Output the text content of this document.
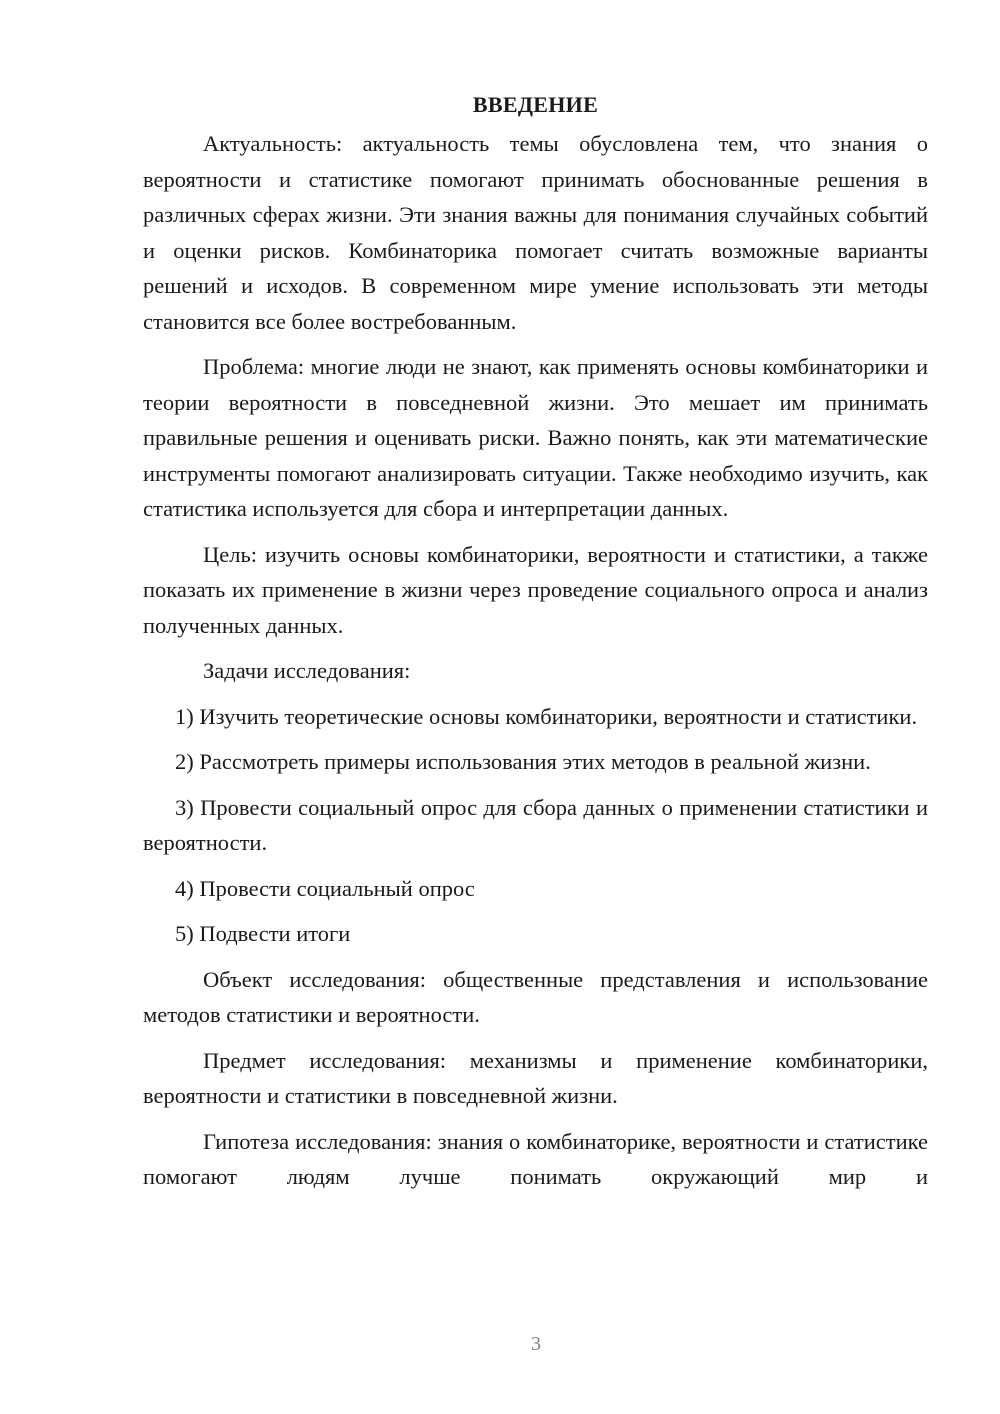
ВВЕДЕНИЕ

Актуальность: актуальность темы обусловлена тем, что знания о вероятности и статистике помогают принимать обоснованные решения в различных сферах жизни. Эти знания важны для понимания случайных событий и оценки рисков. Комбинаторика помогает считать возможные варианты решений и исходов. В современном мире умение использовать эти методы становится все более востребованным.

Проблема: многие люди не знают, как применять основы комбинаторики и теории вероятности в повседневной жизни. Это мешает им принимать правильные решения и оценивать риски. Важно понять, как эти математические инструменты помогают анализировать ситуации. Также необходимо изучить, как статистика используется для сбора и интерпретации данных.

Цель: изучить основы комбинаторики, вероятности и статистики, а также показать их применение в жизни через проведение социального опроса и анализ полученных данных.

Задачи исследования:

1) Изучить теоретические основы комбинаторики, вероятности и статистики.

2) Рассмотреть примеры использования этих методов в реальной жизни.

3) Провести социальный опрос для сбора данных о применении статистики и вероятности.

4) Провести социальный опрос

5) Подвести итоги

Объект исследования: общественные представления и использование методов статистики и вероятности.

Предмет исследования: механизмы и применение комбинаторики, вероятности и статистики в повседневной жизни.

Гипотеза исследования: знания о комбинаторике, вероятности и статистике помогают людям лучше понимать окружающий мир и

3
